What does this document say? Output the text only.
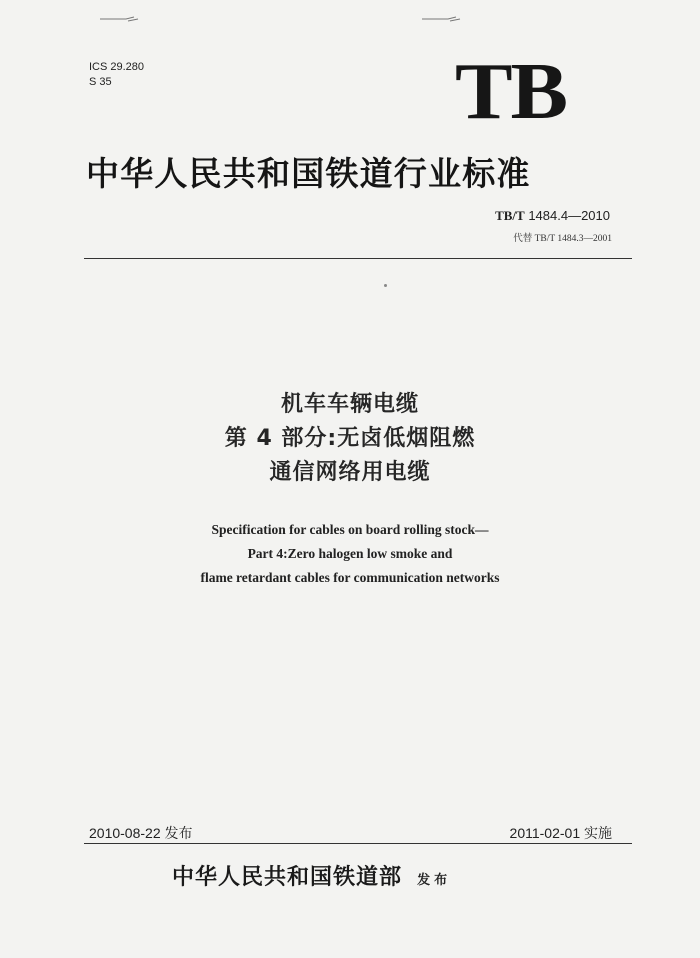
ICS 29.280
S 35	TB
中华人民共和国铁道行业标准
TB/T 1484.4—2010
代替 TB/T 1484.3—2001
机车车辆电缆
第 4 部分:无卤低烟阻燃
通信网络用电缆
Specification for cables on board rolling stock—
Part 4:Zero halogen low smoke and
flame retardant cables for communication networks
2010-08-22 发布	2011-02-01 实施
中华人民共和国铁道部 发布
